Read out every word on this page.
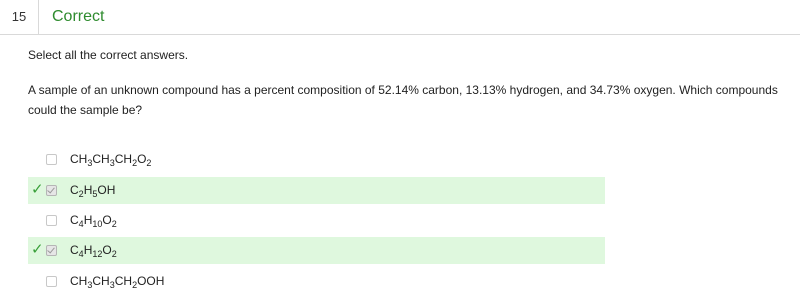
15	Correct
Select all the correct answers.
A sample of an unknown compound has a percent composition of 52.14% carbon, 13.13% hydrogen, and 34.73% oxygen. Which compounds could the sample be?
$CH_3CH_3CH_2O_2$
✓ $C_2H_5OH$
$C_4H_{10}O_2$
✓ $C_4H_{12}O_2$
$CH_3CH_3CH_2OOH$
